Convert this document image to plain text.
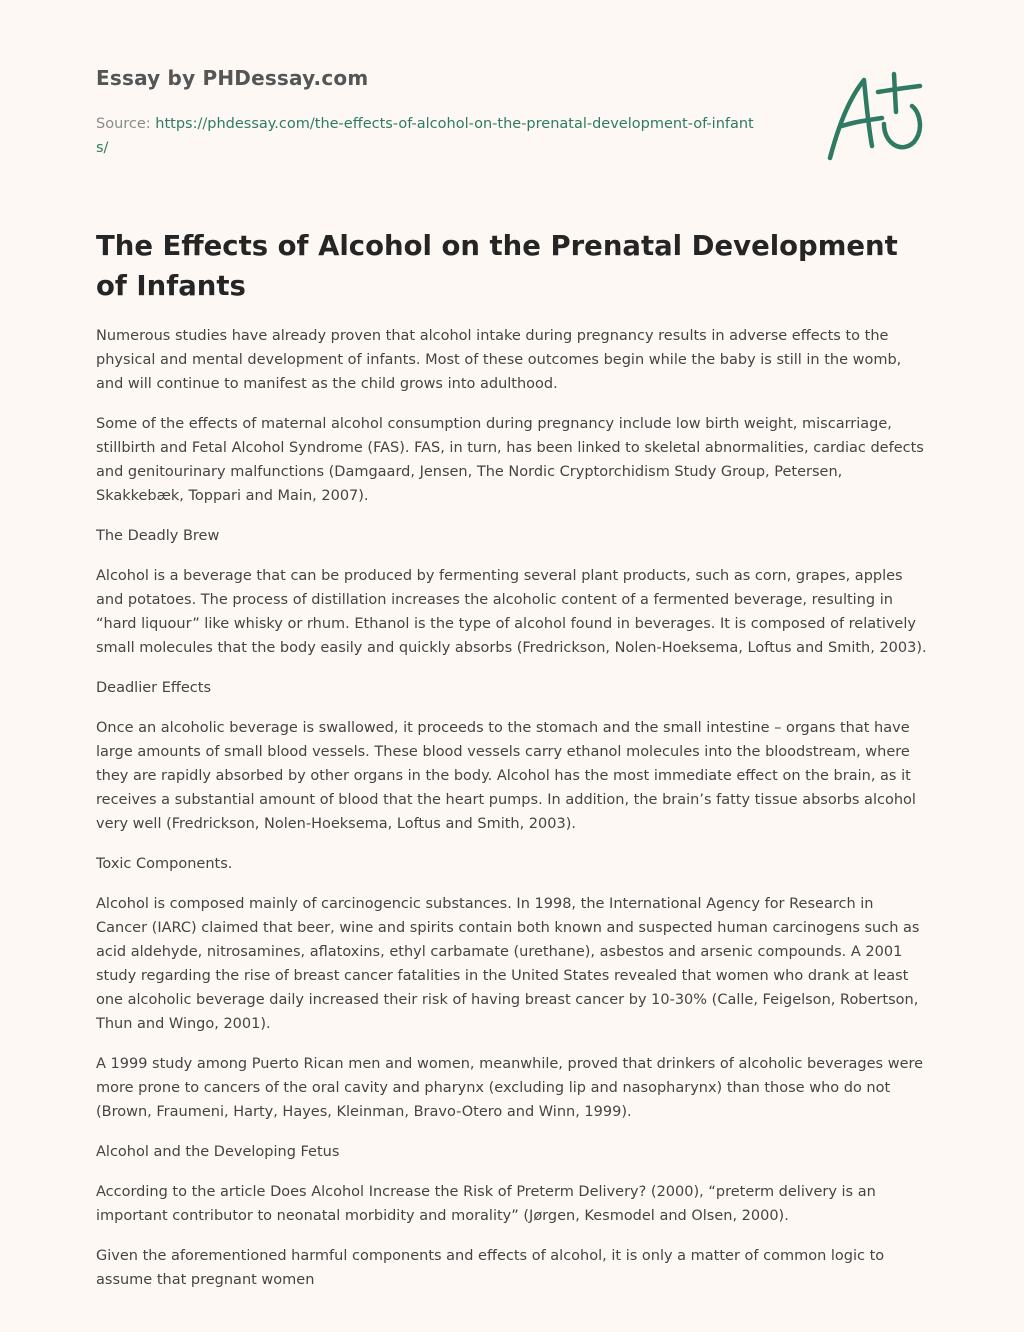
Essay by PHDessay.com
Source: https://phdessay.com/the-effects-of-alcohol-on-the-prenatal-development-of-infants/
The Effects of Alcohol on the Prenatal Development of Infants

Numerous studies have already proven that alcohol intake during pregnancy results in adverse effects to the physical and mental development of infants. Most of these outcomes begin while the baby is still in the womb, and will continue to manifest as the child grows into adulthood.

Some of the effects of maternal alcohol consumption during pregnancy include low birth weight, miscarriage, stillbirth and Fetal Alcohol Syndrome (FAS). FAS, in turn, has been linked to skeletal abnormalities, cardiac defects and genitourinary malfunctions (Damgaard, Jensen, The Nordic Cryptorchidism Study Group, Petersen, Skakkebæk, Toppari and Main, 2007).

The Deadly Brew

Alcohol is a beverage that can be produced by fermenting several plant products, such as corn, grapes, apples and potatoes. The process of distillation increases the alcoholic content of a fermented beverage, resulting in “hard liquour” like whisky or rhum. Ethanol is the type of alcohol found in beverages. It is composed of relatively small molecules that the body easily and quickly absorbs (Fredrickson, Nolen-Hoeksema, Loftus and Smith, 2003).

Deadlier Effects

Once an alcoholic beverage is swallowed, it proceeds to the stomach and the small intestine – organs that have large amounts of small blood vessels. These blood vessels carry ethanol molecules into the bloodstream, where they are rapidly absorbed by other organs in the body. Alcohol has the most immediate effect on the brain, as it receives a substantial amount of blood that the heart pumps. In addition, the brain’s fatty tissue absorbs alcohol very well (Fredrickson, Nolen-Hoeksema, Loftus and Smith, 2003).

Toxic Components.

Alcohol is composed mainly of carcinogencic substances. In 1998, the International Agency for Research in Cancer (IARC) claimed that beer, wine and spirits contain both known and suspected human carcinogens such as acid aldehyde, nitrosamines, aflatoxins, ethyl carbamate (urethane), asbestos and arsenic compounds. A 2001 study regarding the rise of breast cancer fatalities in the United States revealed that women who drank at least one alcoholic beverage daily increased their risk of having breast cancer by 10-30% (Calle, Feigelson, Robertson, Thun and Wingo, 2001).

A 1999 study among Puerto Rican men and women, meanwhile, proved that drinkers of alcoholic beverages were more prone to cancers of the oral cavity and pharynx (excluding lip and nasopharynx) than those who do not (Brown, Fraumeni, Harty, Hayes, Kleinman, Bravo-Otero and Winn, 1999).

Alcohol and the Developing Fetus

According to the article Does Alcohol Increase the Risk of Preterm Delivery? (2000), “preterm delivery is an important contributor to neonatal morbidity and morality” (Jørgen, Kesmodel and Olsen, 2000).

Given the aforementioned harmful components and effects of alcohol, it is only a matter of common logic to assume that pregnant women
